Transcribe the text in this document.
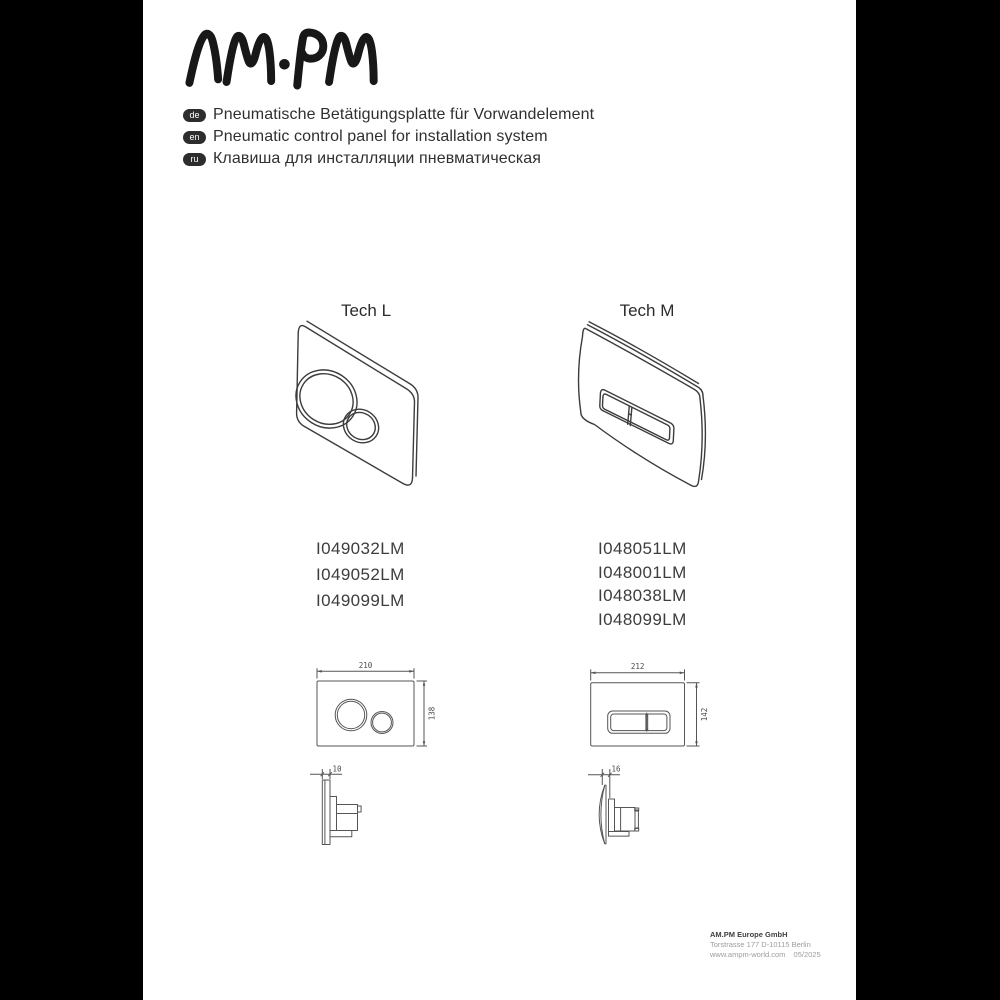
de Pneumatische Betätigungsplatte für Vorwandelement
en Pneumatic control panel for installation system
ru Клавиша для инсталляции пневматическая
Tech L	Tech M
I049032LM
I049052LM
I049099LM
I048051LM
I048001LM
I048038LM
I048099LM
210
138
212
142
10	16
AM.PM Europe GmbH
Torstrasse 177 D-10115 Berlin
www.ampm-world.com 05/2025
